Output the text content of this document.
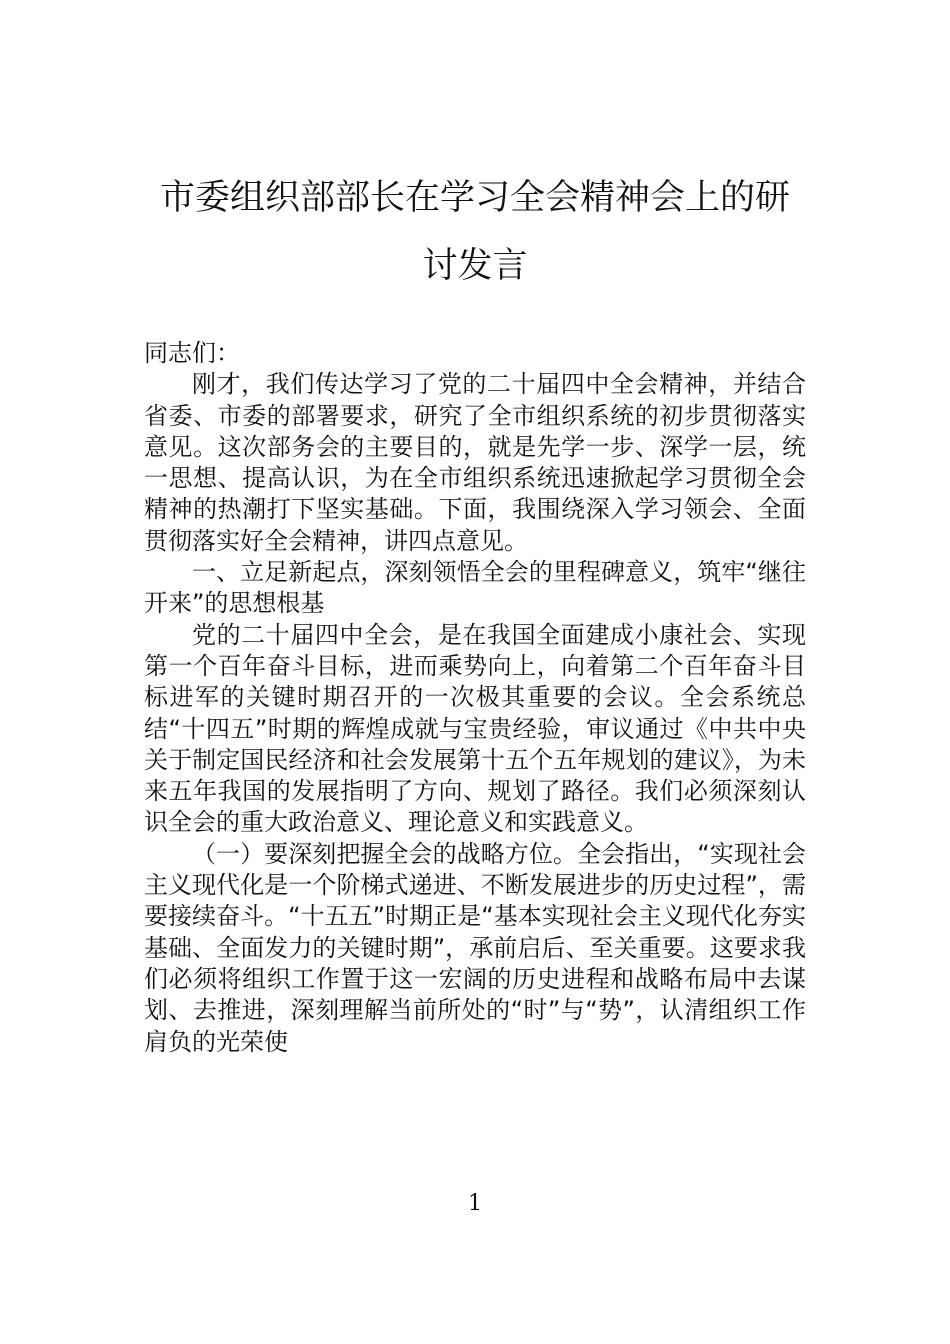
市委组织部部长在学习全会精神会上的研讨发言

同志们：

刚才，我们传达学习了党的二十届四中全会精神，并结合省委、市委的部署要求，研究了全市组织系统的初步贯彻落实意见。这次部务会的主要目的，就是先学一步、深学一层，统一思想、提高认识，为在全市组织系统迅速掀起学习贯彻全会精神的热潮打下坚实基础。下面，我围绕深入学习领会、全面贯彻落实好全会精神，讲四点意见。

一、立足新起点，深刻领悟全会的里程碑意义，筑牢“继往开来”的思想根基

党的二十届四中全会，是在我国全面建成小康社会、实现第一个百年奋斗目标，进而乘势向上，向着第二个百年奋斗目标进军的关键时期召开的一次极其重要的会议。全会系统总结“十四五”时期的辉煌成就与宝贵经验，审议通过《中共中央关于制定国民经济和社会发展第十五个五年规划的建议》，为未来五年我国的发展指明了方向、规划了路径。我们必须深刻认识全会的重大政治意义、理论意义和实践意义。

（一）要深刻把握全会的战略方位。全会指出，“实现社会主义现代化是一个阶梯式递进、不断发展进步的历史过程”，需要接续奋斗。“十五五”时期正是“基本实现社会主义现代化夯实基础、全面发力的关键时期”，承前启后、至关重要。这要求我们必须将组织工作置于这一宏阔的历史进程和战略布局中去谋划、去推进，深刻理解当前所处的“时”与“势”，认清组织工作肩负的光荣使

1
